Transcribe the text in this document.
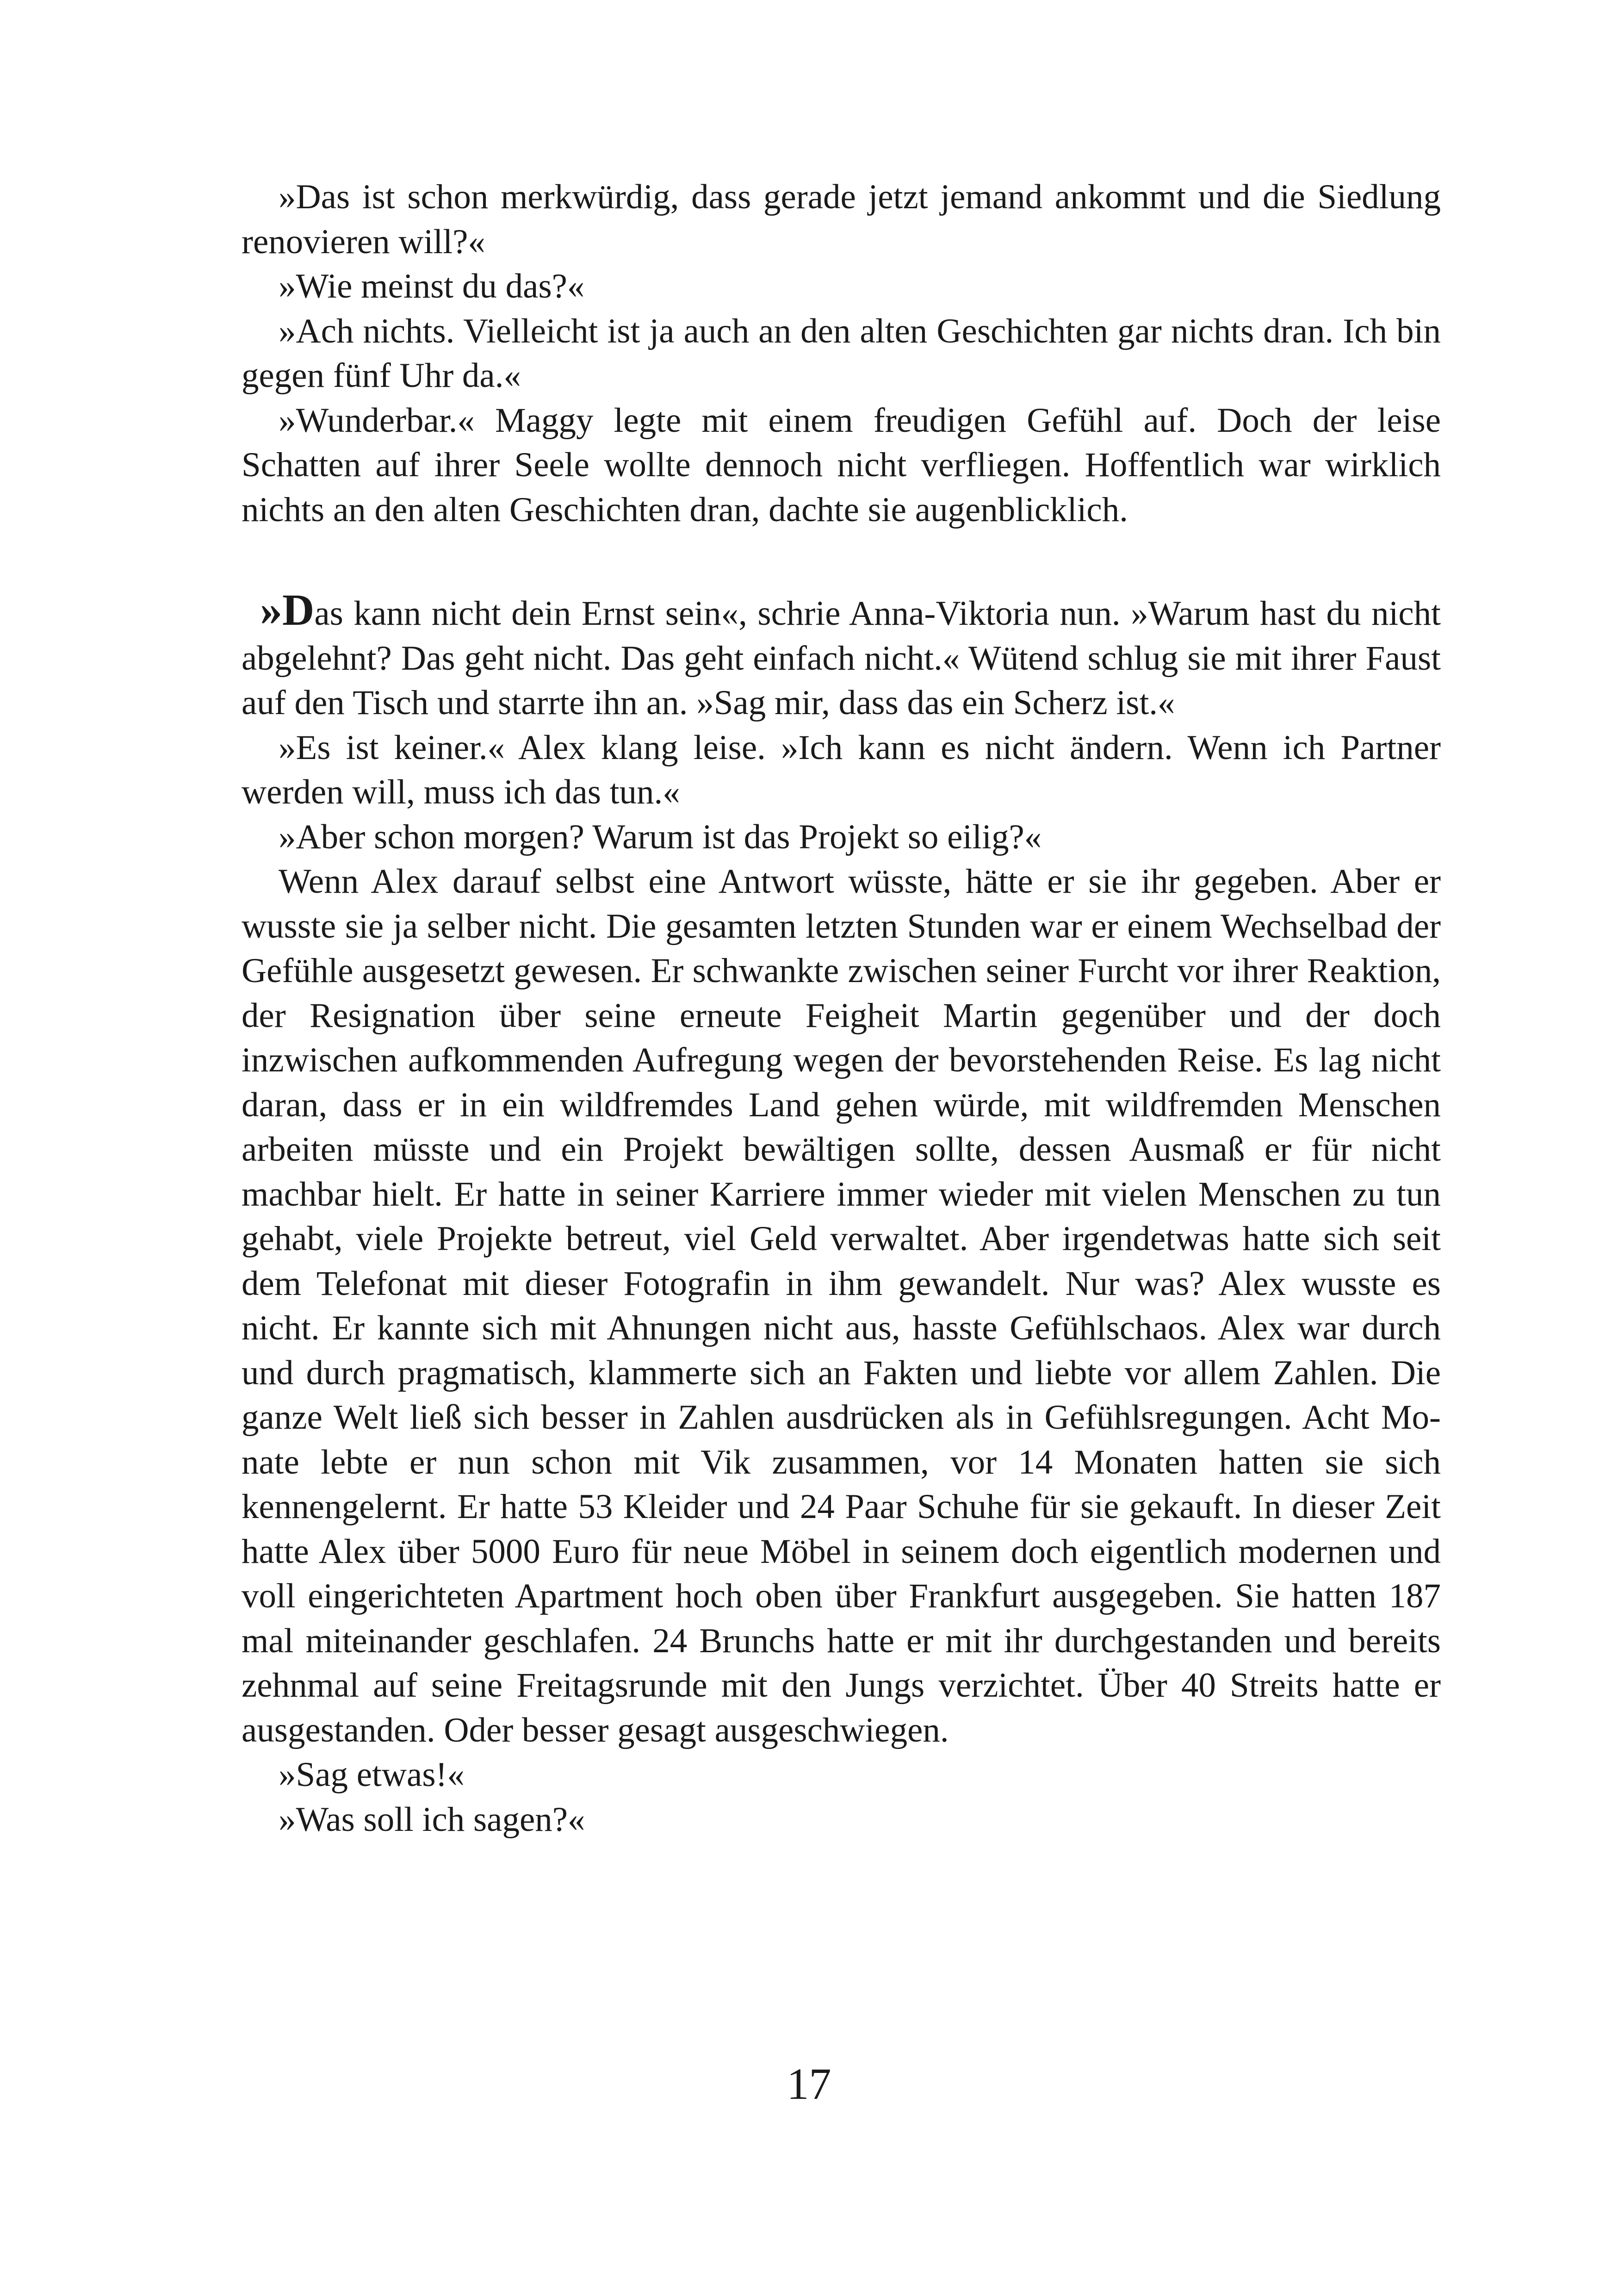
»Das ist schon merkwürdig, dass gerade jetzt jemand ankommt und die Siedlung renovieren will?«

»Wie meinst du das?«

»Ach nichts. Vielleicht ist ja auch an den alten Geschichten gar nichts dran. Ich bin gegen fünf Uhr da.«

»Wunderbar.« Maggy legte mit einem freudigen Gefühl auf. Doch der leise Schatten auf ihrer Seele wollte dennoch nicht verfliegen. Hoffentlich war wirklich nichts an den alten Geschichten dran, dachte sie augenblicklich.

»Das kann nicht dein Ernst sein«, schrie Anna-Viktoria nun. »Warum hast du nicht abgelehnt? Das geht nicht. Das geht einfach nicht.« Wütend schlug sie mit ihrer Faust auf den Tisch und starrte ihn an. »Sag mir, dass das ein Scherz ist.«

»Es ist keiner.« Alex klang leise. »Ich kann es nicht ändern. Wenn ich Partner werden will, muss ich das tun.«

»Aber schon morgen? Warum ist das Projekt so eilig?«

Wenn Alex darauf selbst eine Antwort wüsste, hätte er sie ihr gegeben. Aber er wusste sie ja selber nicht. Die gesamten letzten Stunden war er einem Wechselbad der Gefühle ausgesetzt gewesen. Er schwankte zwischen seiner Furcht vor ihrer Reaktion, der Resignation über seine erneute Feigheit Martin gegenüber und der doch inzwischen aufkommenden Aufregung wegen der bevorstehenden Reise. Es lag nicht daran, dass er in ein wildfremdes Land gehen würde, mit wildfremden Menschen arbeiten müsste und ein Projekt bewältigen sollte, dessen Ausmaß er für nicht machbar hielt. Er hatte in seiner Karriere immer wieder mit vielen Menschen zu tun gehabt, viele Projekte betreut, viel Geld verwaltet. Aber irgendetwas hatte sich seit dem Telefonat mit dieser Fotografin in ihm gewandelt. Nur was? Alex wusste es nicht. Er kannte sich mit Ahnungen nicht aus, hasste Gefühlschaos. Alex war durch und durch pragmatisch, klammerte sich an Fakten und liebte vor allem Zahlen. Die ganze Welt ließ sich besser in Zahlen ausdrücken als in Gefühlsregungen. Acht Monate lebte er nun schon mit Vik zusammen, vor 14 Monaten hatten sie sich kennengelernt. Er hatte 53 Kleider und 24 Paar Schuhe für sie gekauft. In dieser Zeit hatte Alex über 5000 Euro für neue Möbel in seinem doch eigentlich modernen und voll eingerichteten Apartment hoch oben über Frankfurt ausgegeben. Sie hatten 187 mal miteinander geschlafen. 24 Brunchs hatte er mit ihr durchgestanden und bereits zehnmal auf seine Freitagsrunde mit den Jungs verzichtet. Über 40 Streits hatte er ausgestanden. Oder besser gesagt ausgeschwiegen.

»Sag etwas!«

»Was soll ich sagen?«

17
